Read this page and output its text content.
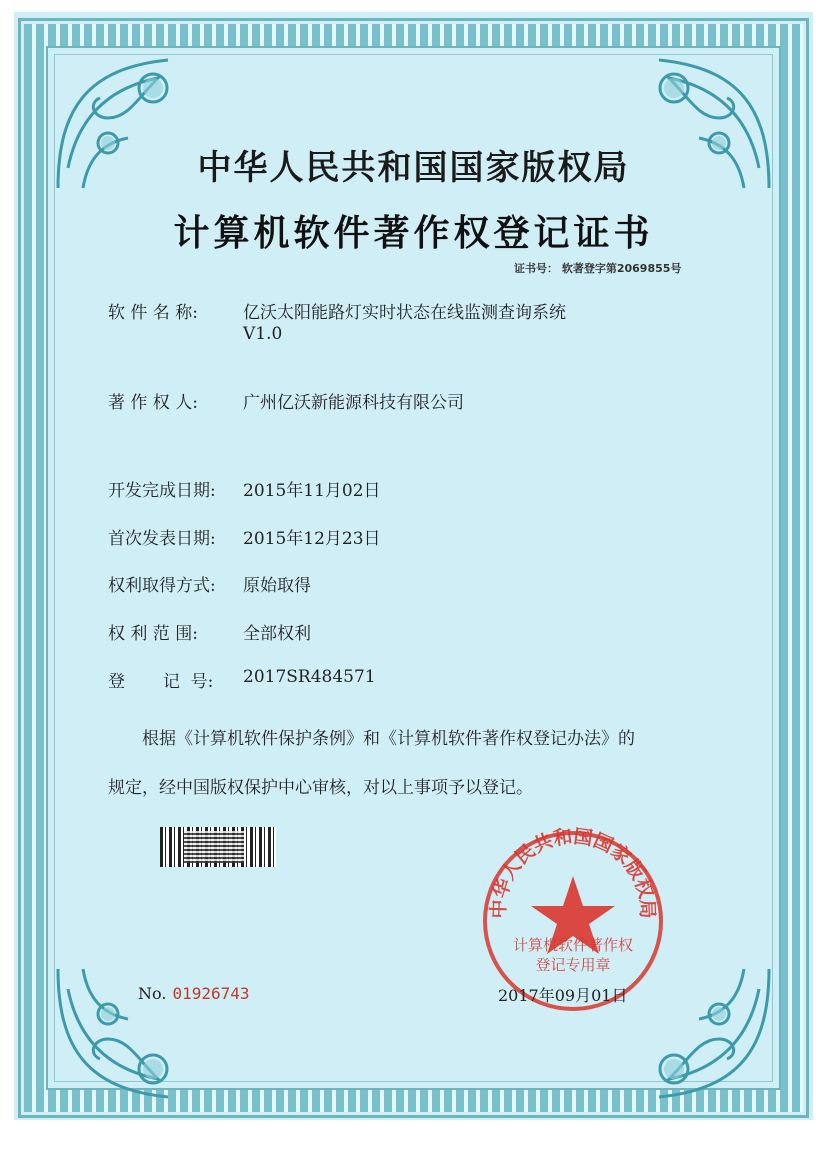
中华人民共和国国家版权局
计算机软件著作权登记证书
证书号： 软著登字第2069855号
软 件 名 称:	亿沃太阳能路灯实时状态在线监测查询系统
V1.0
著 作 权 人:	广州亿沃新能源科技有限公司
开发完成日期: 2015年11月02日
首次发表日期: 2015年12月23日
权利取得方式: 原始取得
权 利 范 围:	全部权利
登       记  号: 2017SR484571
根据《计算机软件保护条例》和《计算机软件著作权登记办法》的
规定，经中国版权保护中心审核，对以上事项予以登记。
中华人民共和国国家版权局
计算机软件著作权
登记专用章
No. 01926743	2017年09月01日
